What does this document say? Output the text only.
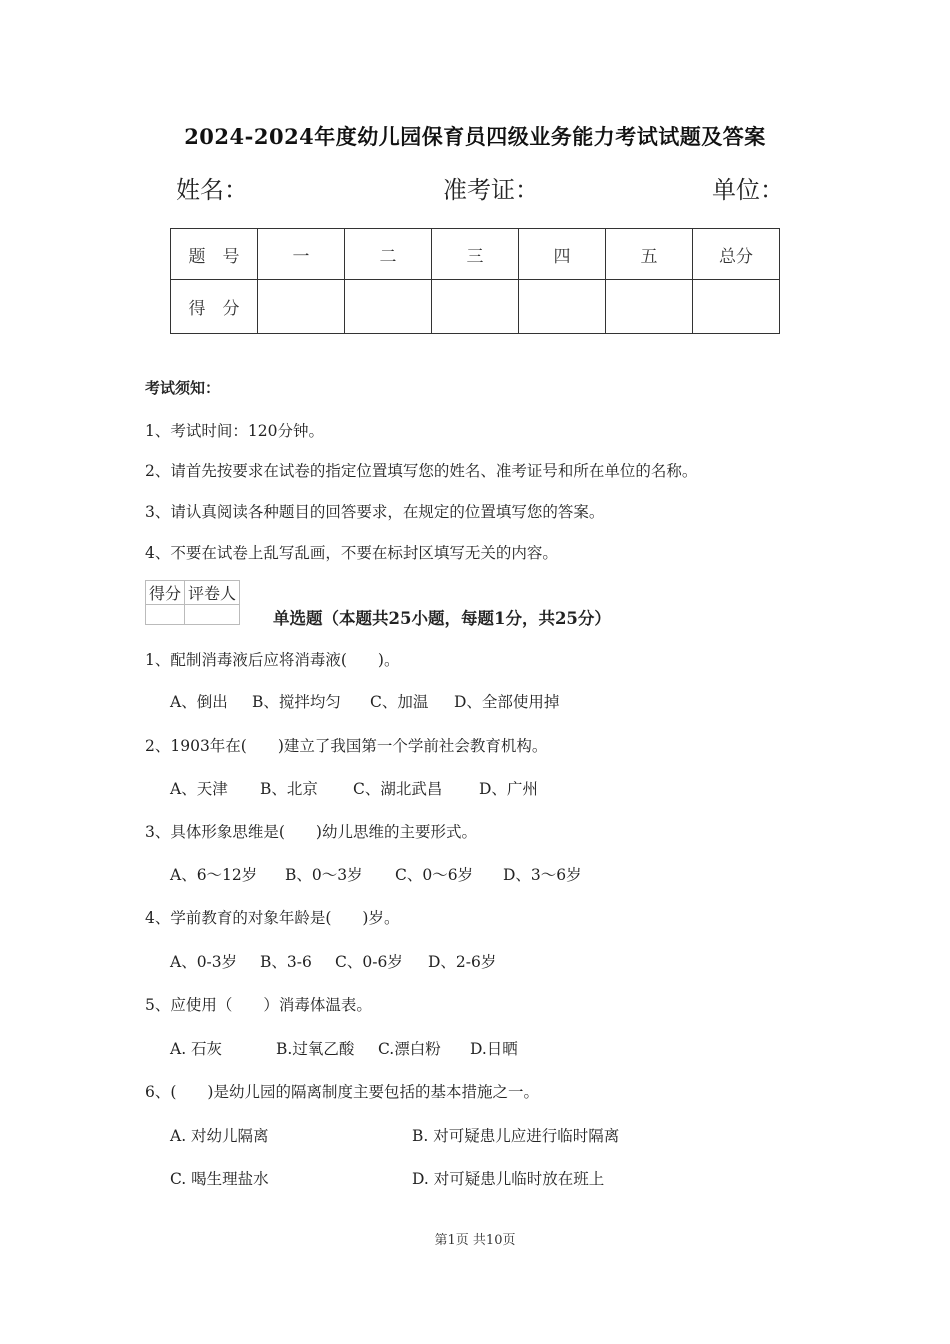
2024-2024年度幼儿园保育员四级业务能力考试试题及答案
姓名：	准考证：	单位：
题　号	一	二	三	四	五	总分
得　分						
考试须知：
1、考试时间：120分钟。
2、请首先按要求在试卷的指定位置填写您的姓名、准考证号和所在单位的名称。
3、请认真阅读各种题目的回答要求，在规定的位置填写您的答案。
4、不要在试卷上乱写乱画，不要在标封区填写无关的内容。
得分	评卷人

单选题（本题共25小题，每题1分，共25分）
1、配制消毒液后应将消毒液(　　)。
A、倒出 B、搅拌均匀 C、加温 D、全部使用掉
2、1903年在(　　)建立了我国第一个学前社会教育机构。
A、天津 B、北京 C、湖北武昌 D、广州
3、具体形象思维是(　　)幼儿思维的主要形式。
A、6～12岁 B、0～3岁 C、0～6岁 D、3～6岁
4、学前教育的对象年龄是(　　)岁。
A、0-3岁 B、3-6 C、0-6岁 D、2-6岁
5、应使用（　　）消毒体温表。
A. 石灰	B.过氧乙酸 C.漂白粉 D.日晒
6、(　　)是幼儿园的隔离制度主要包括的基本措施之一。
A. 对幼儿隔离	B. 对可疑患儿应进行临时隔离
C. 喝生理盐水	D. 对可疑患儿临时放在班上
第1页 共10页
